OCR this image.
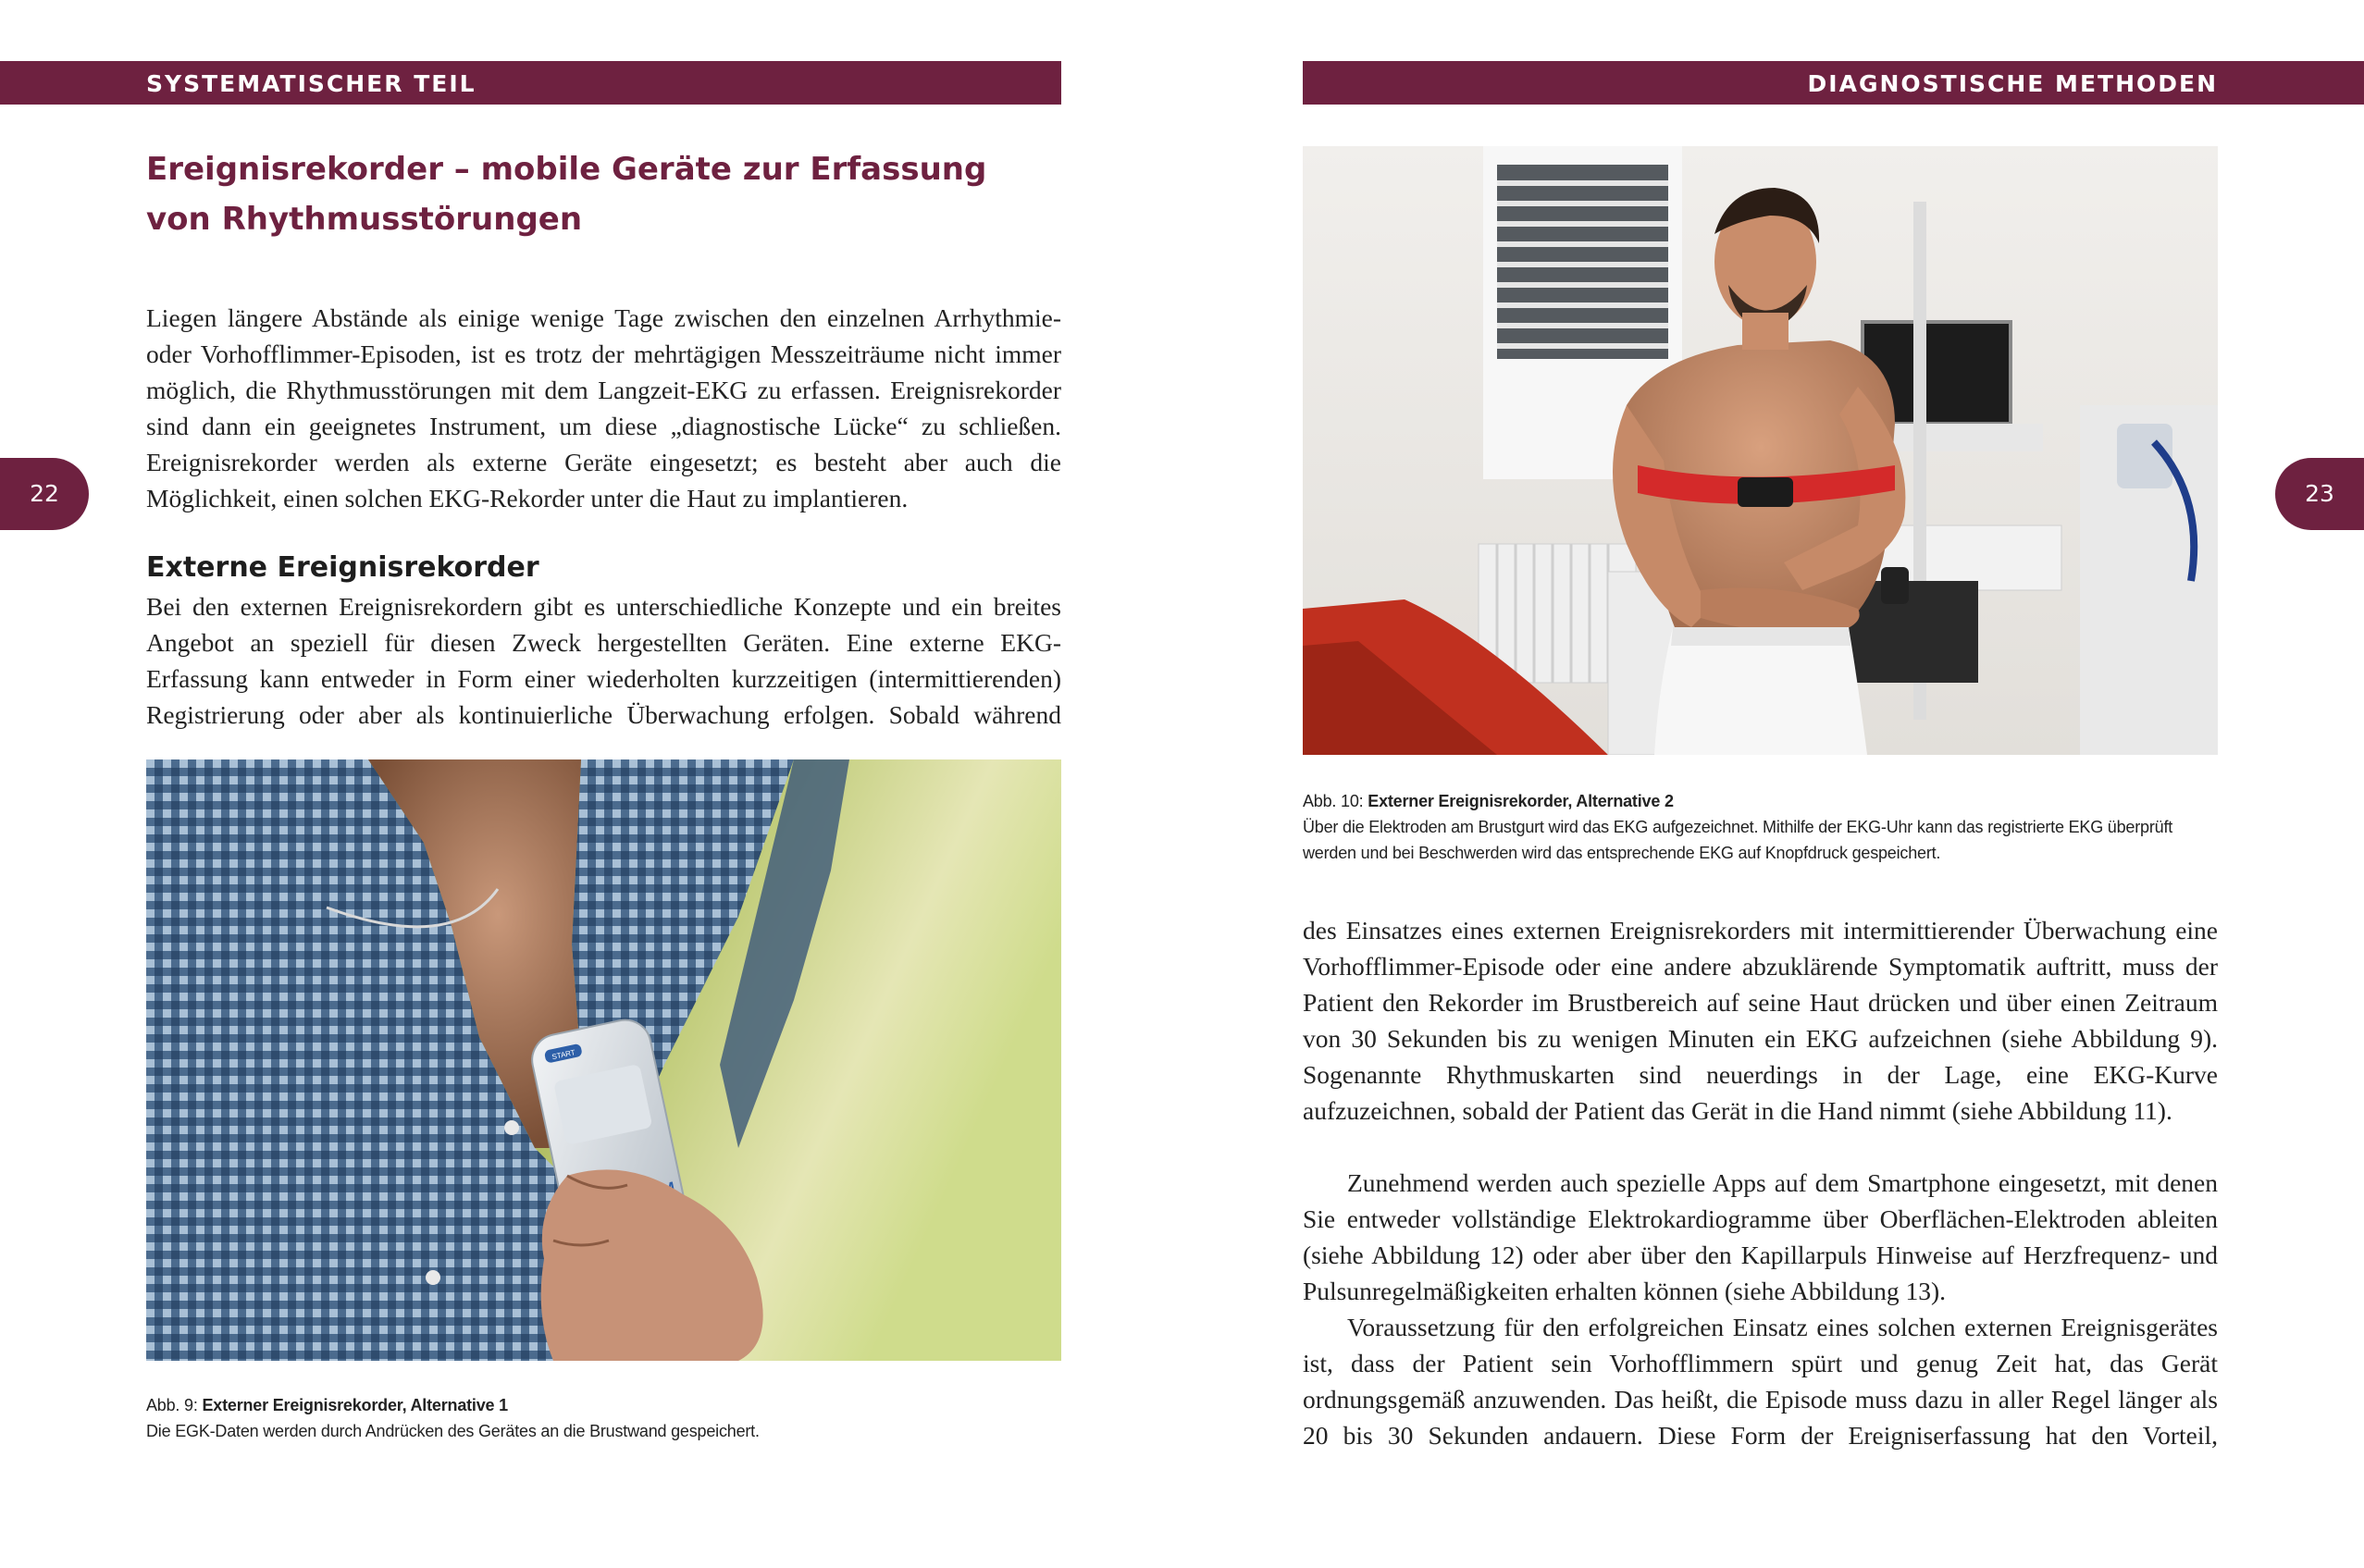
SYSTEMATISCHER TEIL	DIAGNOSTISCHE METHODEN
22	23
Ereignisrekorder – mobile Geräte zur Erfassung von Rhythmusstörungen

Liegen längere Abstände als einige wenige Tage zwischen den einzelnen Arrhythmie- oder Vorhofflimmer-Episoden, ist es trotz der mehrtägigen Messzeiträume nicht immer möglich, die Rhythmusstörungen mit dem Langzeit-EKG zu erfassen. Ereignisrekorder sind dann ein geeignetes Instrument, um diese „diagnostische Lücke“ zu schließen. Ereignisrekorder werden als externe Geräte eingesetzt; es besteht aber auch die Möglichkeit, einen solchen EKG-Rekorder unter die Haut zu implantieren.

Externe Ereignisrekorder

Bei den externen Ereignisrekordern gibt es unterschiedliche Konzepte und ein breites Angebot an speziell für diesen Zweck hergestellten Geräten. Eine externe EKG-Erfassung kann entweder in Form einer wiederholten kurzzeitigen (intermittierenden) Registrierung oder aber als kontinuierliche Überwachung erfolgen. Sobald während

START
Abb. 9: Externer Ereignisrekorder, Alternative 1
Die EGK-Daten werden durch Andrücken des Gerätes an die Brustwand gespeichert.
Abb. 10: Externer Ereignisrekorder, Alternative 2
Über die Elektroden am Brustgurt wird das EKG aufgezeichnet. Mithilfe der EKG-Uhr kann das registrierte EKG überprüft werden und bei Beschwerden wird das entsprechende EKG auf Knopfdruck gespeichert.

des Einsatzes eines externen Ereignisrekorders mit intermittierender Überwachung eine Vorhofflimmer-Episode oder eine andere abzuklärende Symptomatik auftritt, muss der Patient den Rekorder im Brustbereich auf seine Haut drücken und über einen Zeitraum von 30 Sekunden bis zu wenigen Minuten ein EKG aufzeichnen (siehe Abbildung 9). Sogenannte Rhythmuskarten sind neuerdings in der Lage, eine EKG-Kurve aufzuzeichnen, sobald der Patient das Gerät in die Hand nimmt (siehe Abbildung 11).

Zunehmend werden auch spezielle Apps auf dem Smartphone eingesetzt, mit denen Sie entweder vollständige Elektrokardiogramme über Oberflächen-Elektroden ableiten (siehe Abbildung 12) oder aber über den Kapillarpuls Hinweise auf Herzfrequenz- und Pulsunregelmäßigkeiten erhalten können (siehe Abbildung 13).

Voraussetzung für den erfolgreichen Einsatz eines solchen externen Ereignisgerätes ist, dass der Patient sein Vorhofflimmern spürt und genug Zeit hat, das Gerät ordnungsgemäß anzuwenden. Das heißt, die Episode muss dazu in aller Regel länger als 20 bis 30 Sekunden andauern. Diese Form der Ereigniserfassung hat den Vorteil,
